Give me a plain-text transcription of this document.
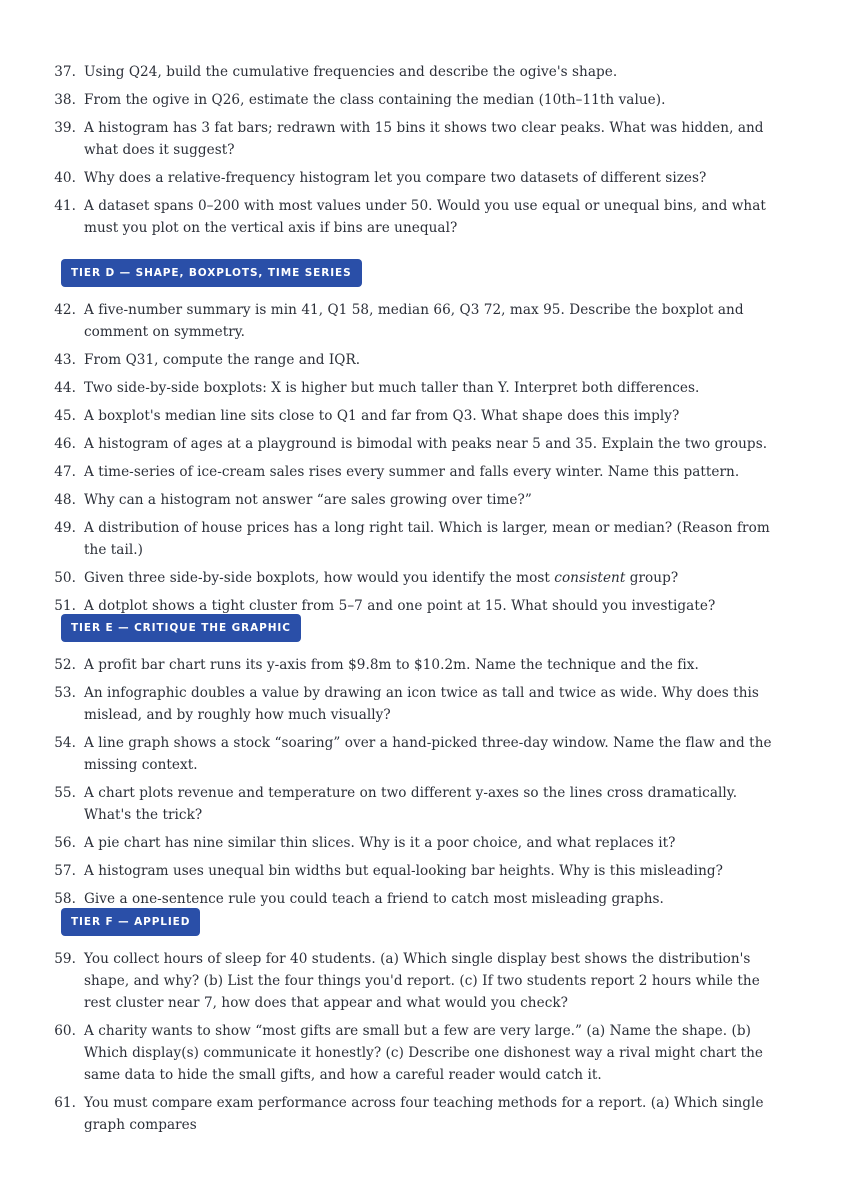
37. Using Q24, build the cumulative frequencies and describe the ogive's shape.
38. From the ogive in Q26, estimate the class containing the median (10th–11th value).
39. A histogram has 3 fat bars; redrawn with 15 bins it shows two clear peaks. What was hidden, and what does it suggest?
40. Why does a relative-frequency histogram let you compare two datasets of different sizes?
41. A dataset spans 0–200 with most values under 50. Would you use equal or unequal bins, and what must you plot on the vertical axis if bins are unequal?
TIER D — SHAPE, BOXPLOTS, TIME SERIES
42. A five-number summary is min 41, Q1 58, median 66, Q3 72, max 95. Describe the boxplot and comment on symmetry.
43. From Q31, compute the range and IQR.
44. Two side-by-side boxplots: X is higher but much taller than Y. Interpret both differences.
45. A boxplot's median line sits close to Q1 and far from Q3. What shape does this imply?
46. A histogram of ages at a playground is bimodal with peaks near 5 and 35. Explain the two groups.
47. A time-series of ice-cream sales rises every summer and falls every winter. Name this pattern.
48. Why can a histogram not answer “are sales growing over time?”
49. A distribution of house prices has a long right tail. Which is larger, mean or median? (Reason from the tail.)
50. Given three side-by-side boxplots, how would you identify the most consistent group?
51. A dotplot shows a tight cluster from 5–7 and one point at 15. What should you investigate?
TIER E — CRITIQUE THE GRAPHIC
52. A profit bar chart runs its y-axis from $9.8m to $10.2m. Name the technique and the fix.
53. An infographic doubles a value by drawing an icon twice as tall and twice as wide. Why does this mislead, and by roughly how much visually?
54. A line graph shows a stock “soaring” over a hand-picked three-day window. Name the flaw and the missing context.
55. A chart plots revenue and temperature on two different y-axes so the lines cross dramatically. What's the trick?
56. A pie chart has nine similar thin slices. Why is it a poor choice, and what replaces it?
57. A histogram uses unequal bin widths but equal-looking bar heights. Why is this misleading?
58. Give a one-sentence rule you could teach a friend to catch most misleading graphs.
TIER F — APPLIED
59. You collect hours of sleep for 40 students. (a) Which single display best shows the distribution's shape, and why? (b) List the four things you'd report. (c) If two students report 2 hours while the rest cluster near 7, how does that appear and what would you check?
60. A charity wants to show “most gifts are small but a few are very large.” (a) Name the shape. (b) Which display(s) communicate it honestly? (c) Describe one dishonest way a rival might chart the same data to hide the small gifts, and how a careful reader would catch it.
61. You must compare exam performance across four teaching methods for a report. (a) Which single graph compares
